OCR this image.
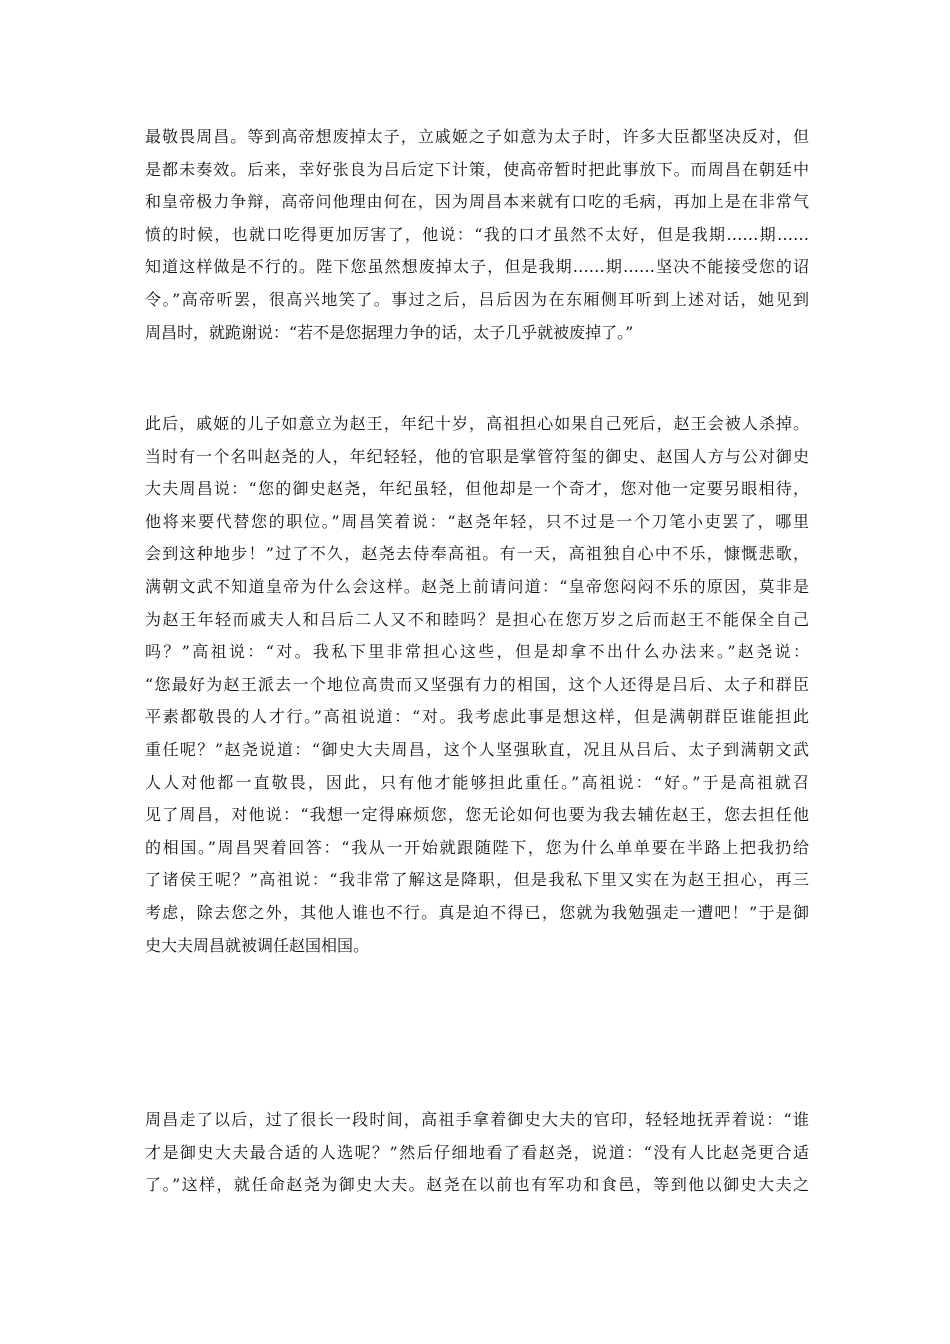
最敬畏周昌。等到高帝想废掉太子，立戚姬之子如意为太子时，许多大臣都坚决反对，但
是都未奏效。后来，幸好张良为吕后定下计策，使高帝暂时把此事放下。而周昌在朝廷中
和皇帝极力争辩，高帝问他理由何在，因为周昌本来就有口吃的毛病，再加上是在非常气
愤的时候，也就口吃得更加厉害了，他说：“我的口才虽然不太好，但是我期……期……
知道这样做是不行的。陛下您虽然想废掉太子，但是我期……期……坚决不能接受您的诏
令。”高帝听罢，很高兴地笑了。事过之后，吕后因为在东厢侧耳听到上述对话，她见到
周昌时，就跪谢说：“若不是您据理力争的话，太子几乎就被废掉了。”
此后，戚姬的儿子如意立为赵王，年纪十岁，高祖担心如果自己死后，赵王会被人杀掉。
当时有一个名叫赵尧的人，年纪轻轻，他的官职是掌管符玺的御史、赵国人方与公对御史
大夫周昌说：“您的御史赵尧，年纪虽轻，但他却是一个奇才，您对他一定要另眼相待，
他将来要代替您的职位。”周昌笑着说：“赵尧年轻，只不过是一个刀笔小吏罢了，哪里
会到这种地步！”过了不久，赵尧去侍奉高祖。有一天，高祖独自心中不乐，慷慨悲歌，
满朝文武不知道皇帝为什么会这样。赵尧上前请问道：“皇帝您闷闷不乐的原因，莫非是
为赵王年轻而戚夫人和吕后二人又不和睦吗？是担心在您万岁之后而赵王不能保全自己
吗？”高祖说：“对。我私下里非常担心这些，但是却拿不出什么办法来。”赵尧说：
“您最好为赵王派去一个地位高贵而又坚强有力的相国，这个人还得是吕后、太子和群臣
平素都敬畏的人才行。”高祖说道：“对。我考虑此事是想这样，但是满朝群臣谁能担此
重任呢？”赵尧说道：“御史大夫周昌，这个人坚强耿直，况且从吕后、太子到满朝文武
人人对他都一直敬畏，因此，只有他才能够担此重任。”高祖说：“好。”于是高祖就召
见了周昌，对他说：“我想一定得麻烦您，您无论如何也要为我去辅佐赵王，您去担任他
的相国。”周昌哭着回答：“我从一开始就跟随陛下，您为什么单单要在半路上把我扔给
了诸侯王呢？”高祖说：“我非常了解这是降职，但是我私下里又实在为赵王担心，再三
考虑，除去您之外，其他人谁也不行。真是迫不得已，您就为我勉强走一遭吧！”于是御
史大夫周昌就被调任赵国相国。
周昌走了以后，过了很长一段时间，高祖手拿着御史大夫的官印，轻轻地抚弄着说：“谁
才是御史大夫最合适的人选呢？”然后仔细地看了看赵尧，说道：“没有人比赵尧更合适
了。”这样，就任命赵尧为御史大夫。赵尧在以前也有军功和食邑，等到他以御史大夫之
